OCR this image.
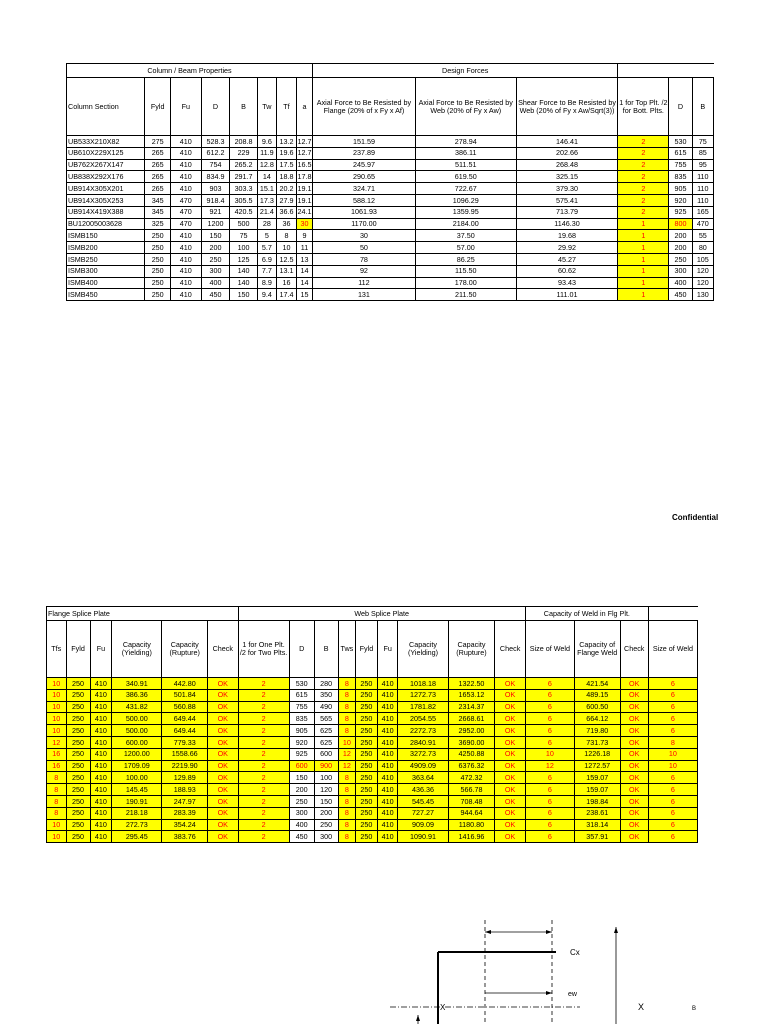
Column / Beam Properties								Design Forces					
Column Section	Fyld	Fu	D	B	Tw	Tf	a	Axial Force to Be Resisted by Flange (20% of x Fy x Af)	Axial Force to Be Resisted by Web (20% of Fy x Aw)	Shear Force to Be Resisted by Web (20% of Fy x Aw/Sqrt(3))	1 for Top Plt. /2 for Bott. Plts.	D	B
UB533X210X82	275	410	528.3	208.8	9.6	13.2	12.7	151.59	278.94	146.41	2	530	75
UB610X229X125	265	410	612.2	229	11.9	19.6	12.7	237.89	386.11	202.66	2	615	85
UB762X267X147	265	410	754	265.2	12.8	17.5	16.5	245.97	511.51	268.48	2	755	95
UB838X292X176	265	410	834.9	291.7	14	18.8	17.8	290.65	619.50	325.15	2	835	110
UB914X305X201	265	410	903	303.3	15.1	20.2	19.1	324.71	722.67	379.30	2	905	110
UB914X305X253	345	470	918.4	305.5	17.3	27.9	19.1	588.12	1096.29	575.41	2	920	110
UB914X419X388	345	470	921	420.5	21.4	36.6	24.1	1061.93	1359.95	713.79	2	925	165
BU12005003628	325	470	1200	500	28	36	30	1170.00	2184.00	1146.30	1	800	470
ISMB150	250	410	150	75	5	8	9	30	37.50	19.68	1	200	55
ISMB200	250	410	200	100	5.7	10	11	50	57.00	29.92	1	200	80
ISMB250	250	410	250	125	6.9	12.5	13	78	86.25	45.27	1	250	105
ISMB300	250	410	300	140	7.7	13.1	14	92	115.50	60.62	1	300	120
ISMB400	250	410	400	140	8.9	16	14	112	178.00	93.43	1	400	120
ISMB450	250	410	450	150	9.4	17.4	15	131	211.50	111.01	1	450	130
Confidential
Flange Splice Plate						Web Splice Plate									Capacity of Weld in Flg Plt.			
Tfs	Fyld	Fu	Capacity (Yielding)	Capacity (Rupture)	Check	1 for One Plt. /2 for Two Plts.	D	B	Tws	Fyld	Fu	Capacity (Yielding)	Capacity (Rupture)	Check	Size of Weld	Capacity of Flange Weld	Check	Size of Weld
10	250	410	340.91	442.80	OK	2	530	280	8	250	410	1018.18	1322.50	OK	6	421.54	OK	6
10	250	410	386.36	501.84	OK	2	615	350	8	250	410	1272.73	1653.12	OK	6	489.15	OK	6
10	250	410	431.82	560.88	OK	2	755	490	8	250	410	1781.82	2314.37	OK	6	600.50	OK	6
10	250	410	500.00	649.44	OK	2	835	565	8	250	410	2054.55	2668.61	OK	6	664.12	OK	6
10	250	410	500.00	649.44	OK	2	905	625	8	250	410	2272.73	2952.00	OK	6	719.80	OK	6
12	250	410	600.00	779.33	OK	2	920	625	10	250	410	2840.91	3690.00	OK	6	731.73	OK	8
16	250	410	1200.00	1558.66	OK	2	925	600	12	250	410	3272.73	4250.88	OK	10	1226.18	OK	10
16	250	410	1709.09	2219.90	OK	2	600	900	12	250	410	4909.09	6376.32	OK	12	1272.57	OK	10
8	250	410	100.00	129.89	OK	2	150	100	8	250	410	363.64	472.32	OK	6	159.07	OK	6
8	250	410	145.45	188.93	OK	2	200	120	8	250	410	436.36	566.78	OK	6	159.07	OK	6
8	250	410	190.91	247.97	OK	2	250	150	8	250	410	545.45	708.48	OK	6	198.84	OK	6
8	250	410	218.18	283.39	OK	2	300	200	8	250	410	727.27	944.64	OK	6	238.61	OK	6
10	250	410	272.73	354.24	OK	2	400	250	8	250	410	909.09	1180.80	OK	6	318.14	OK	6
10	250	410	295.45	383.76	OK	2	450	300	8	250	410	1090.91	1416.96	OK	6	357.91	OK	6
Cx
ew
X	X	B
